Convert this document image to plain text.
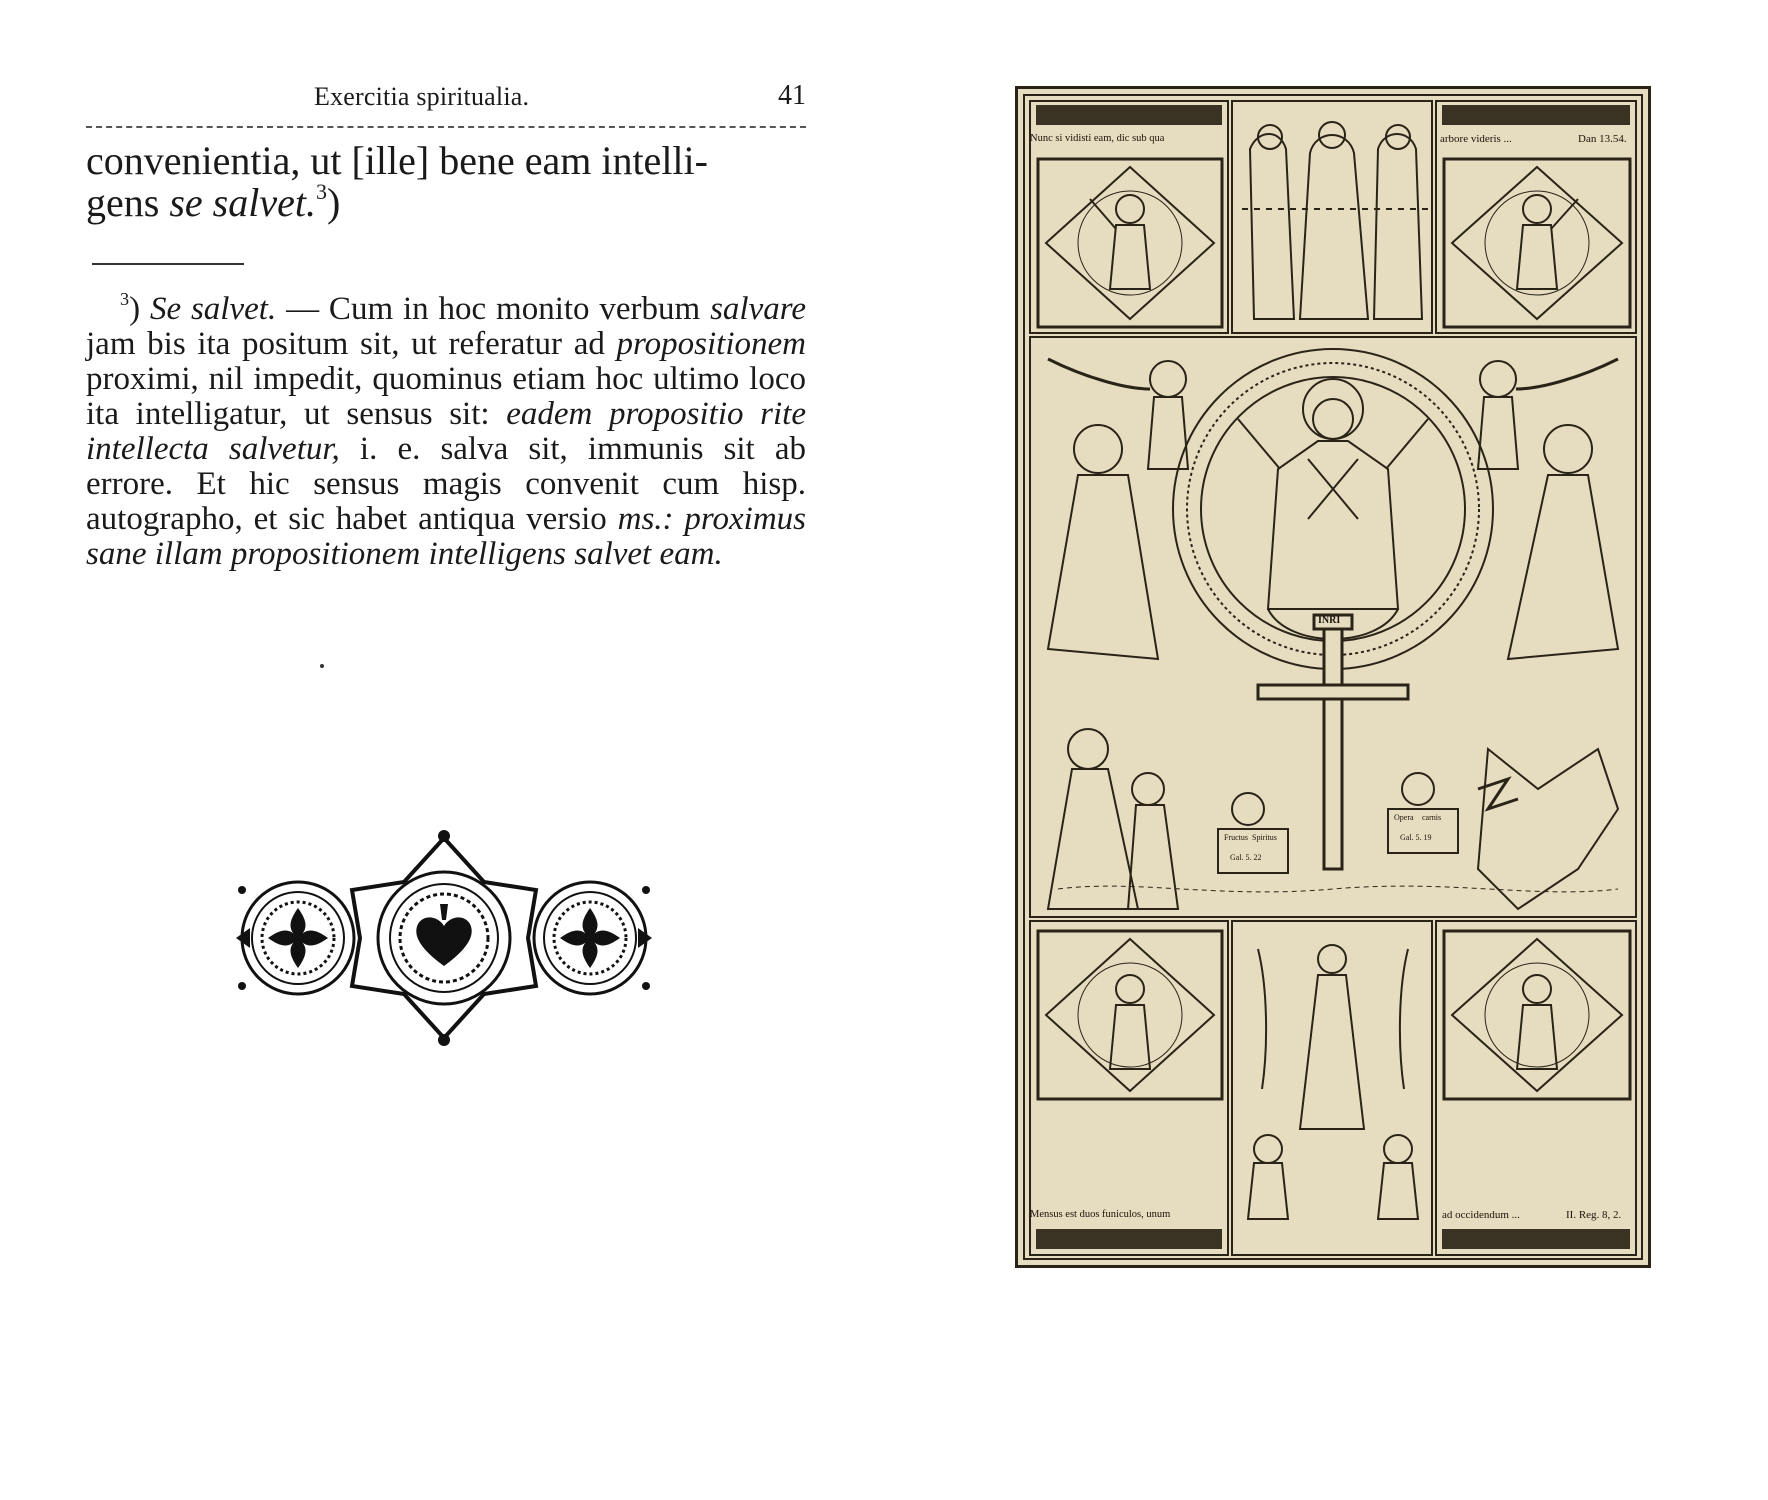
Exercitia spiritualia.	41

convenientia, ut [ille] bene eam intelli-
gens se salvet.$^3$)

$^3$) Se salvet. — Cum in hoc monito verbum salvare jam bis ita positum sit, ut referatur ad propositionem proximi, nil impedit, quominus etiam hoc ultimo loco ita intelligatur, ut sensus sit: eadem propositio rite intellecta salvetur, i. e. salva sit, immunis sit ab errore. Et hic sensus magis convenit cum hisp. autographo, et sic habet antiqua versio ms.: proximus sane illam propositionem intelligens salvet eam.

Nunc si vidisti eam, dic sub qua	arbore videris ...	Dan 13.54.
Mensus est duos funiculos, unum	ad occidendum ...	II. Reg. 8, 2.
INRI
Fructus Spiritus
Gal. 5. 22
Opera carnis
Gal. 5. 19
